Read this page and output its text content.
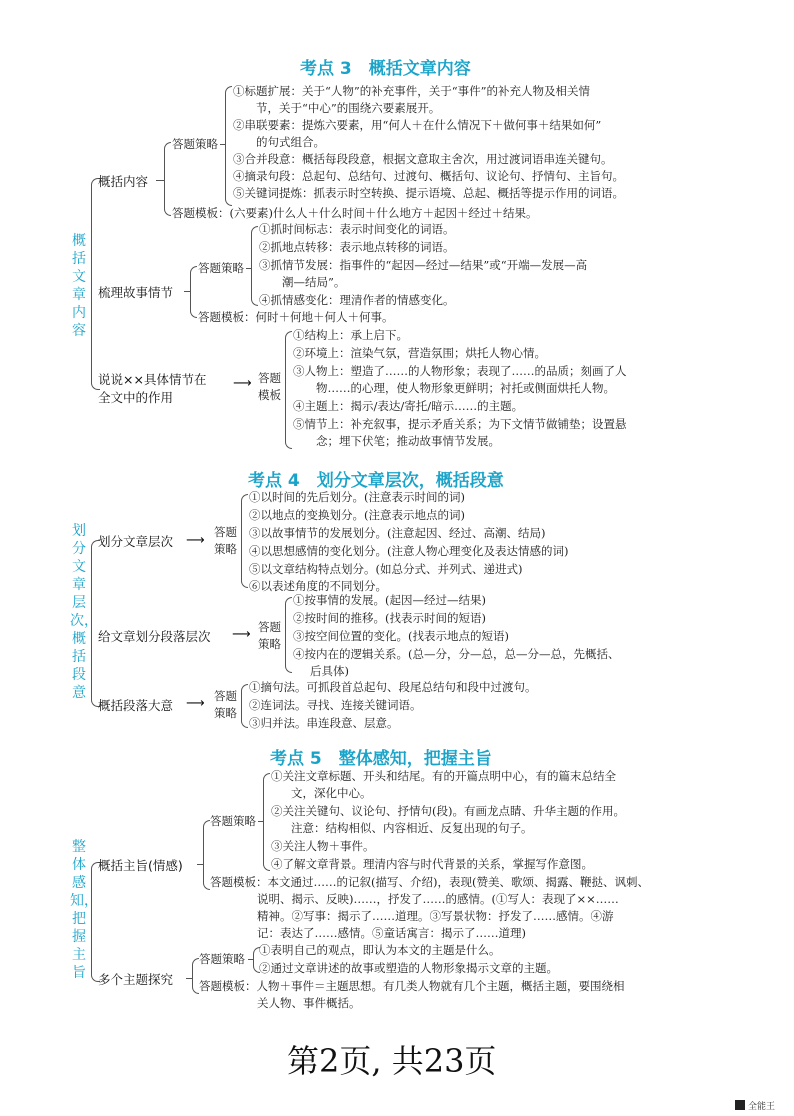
考点 3　概括文章内容
概括文章内容
概括内容
答题策略
①标题扩展：关于“人物”的补充事件，关于“事件”的补充人物及相关情
节，关于“中心”的围绕六要素展开。
②串联要素：提炼六要素，用“何人＋在什么情况下＋做何事＋结果如何”
的句式组合。
③合并段意：概括每段段意，根据文意取主舍次，用过渡词语串连关键句。
④摘录句段：总起句、总结句、过渡句、概括句、议论句、抒情句、主旨句。
⑤关键词提炼：抓表示时空转换、提示语境、总起、概括等提示作用的词语。
答题模板：(六要素)什么人＋什么时间＋什么地方＋起因＋经过＋结果。
梳理故事情节
答题策略
①抓时间标志：表示时间变化的词语。
②抓地点转移：表示地点转移的词语。
③抓情节发展：指事件的“起因—经过—结果”或“开端—发展—高
潮—结局”。
④抓情感变化：理清作者的情感变化。
答题模板：何时＋何地＋何人＋何事。
说说××具体情节在
全文中的作用
⟶ 答题
模板
①结构上：承上启下。
②环境上：渲染气氛，营造氛围；烘托人物心情。
③人物上：塑造了……的人物形象；表现了……的品质；刻画了人
物……的心理，使人物形象更鲜明；衬托或侧面烘托人物。
④主题上：揭示/表达/寄托/暗示……的主题。
⑤情节上：补充叙事，提示矛盾关系；为下文情节做铺垫；设置悬
念；埋下伏笔；推动故事情节发展。
考点 4　划分文章层次，概括段意
划分文章层次，概括段意
划分文章层次 ⟶
答题
策略
①以时间的先后划分。(注意表示时间的词)
②以地点的变换划分。(注意表示地点的词)
③以故事情节的发展划分。(注意起因、经过、高潮、结局)
④以思想感情的变化划分。(注意人物心理变化及表达情感的词)
⑤以文章结构特点划分。(如总分式、并列式、递进式)
⑥以表述角度的不同划分。
给文章划分段落层次 ⟶ 答题
策略
①按事情的发展。(起因—经过—结果)
②按时间的推移。(找表示时间的短语)
③按空间位置的变化。(找表示地点的短语)
④按内在的逻辑关系。(总—分，分—总，总—分—总，先概括、
后具体)
概括段落大意 ⟶ 答题
策略
①摘句法。可抓段首总起句、段尾总结句和段中过渡句。
②连词法。寻找、连接关键词语。
③归并法。串连段意、层意。
考点 5　整体感知，把握主旨
整体感知，把握主旨
概括主旨(情感)
答题策略
①关注文章标题、开头和结尾。有的开篇点明中心，有的篇末总结全
文，深化中心。
②关注关键句、议论句、抒情句(段)。有画龙点睛、升华主题的作用。
注意：结构相似、内容相近、反复出现的句子。
③关注人物＋事件。
④了解文章背景。理清内容与时代背景的关系，掌握写作意图。
答题模板：本文通过……的记叙(描写、介绍)，表现(赞美、歌颂、揭露、鞭挞、讽刺、
说明、揭示、反映)……，抒发了……的感情。(①写人：表现了××……
精神。②写事：揭示了……道理。③写景状物：抒发了……感情。④游
记：表达了……感情。⑤童话寓言：揭示了……道理)
多个主题探究
答题策略
①表明自己的观点，即认为本文的主题是什么。
②通过文章讲述的故事或塑造的人物形象揭示文章的主题。
答题模板：人物＋事件＝主题思想。有几类人物就有几个主题，概括主题，要围绕相
关人物、事件概括。
第2页, 共23页
全能王
